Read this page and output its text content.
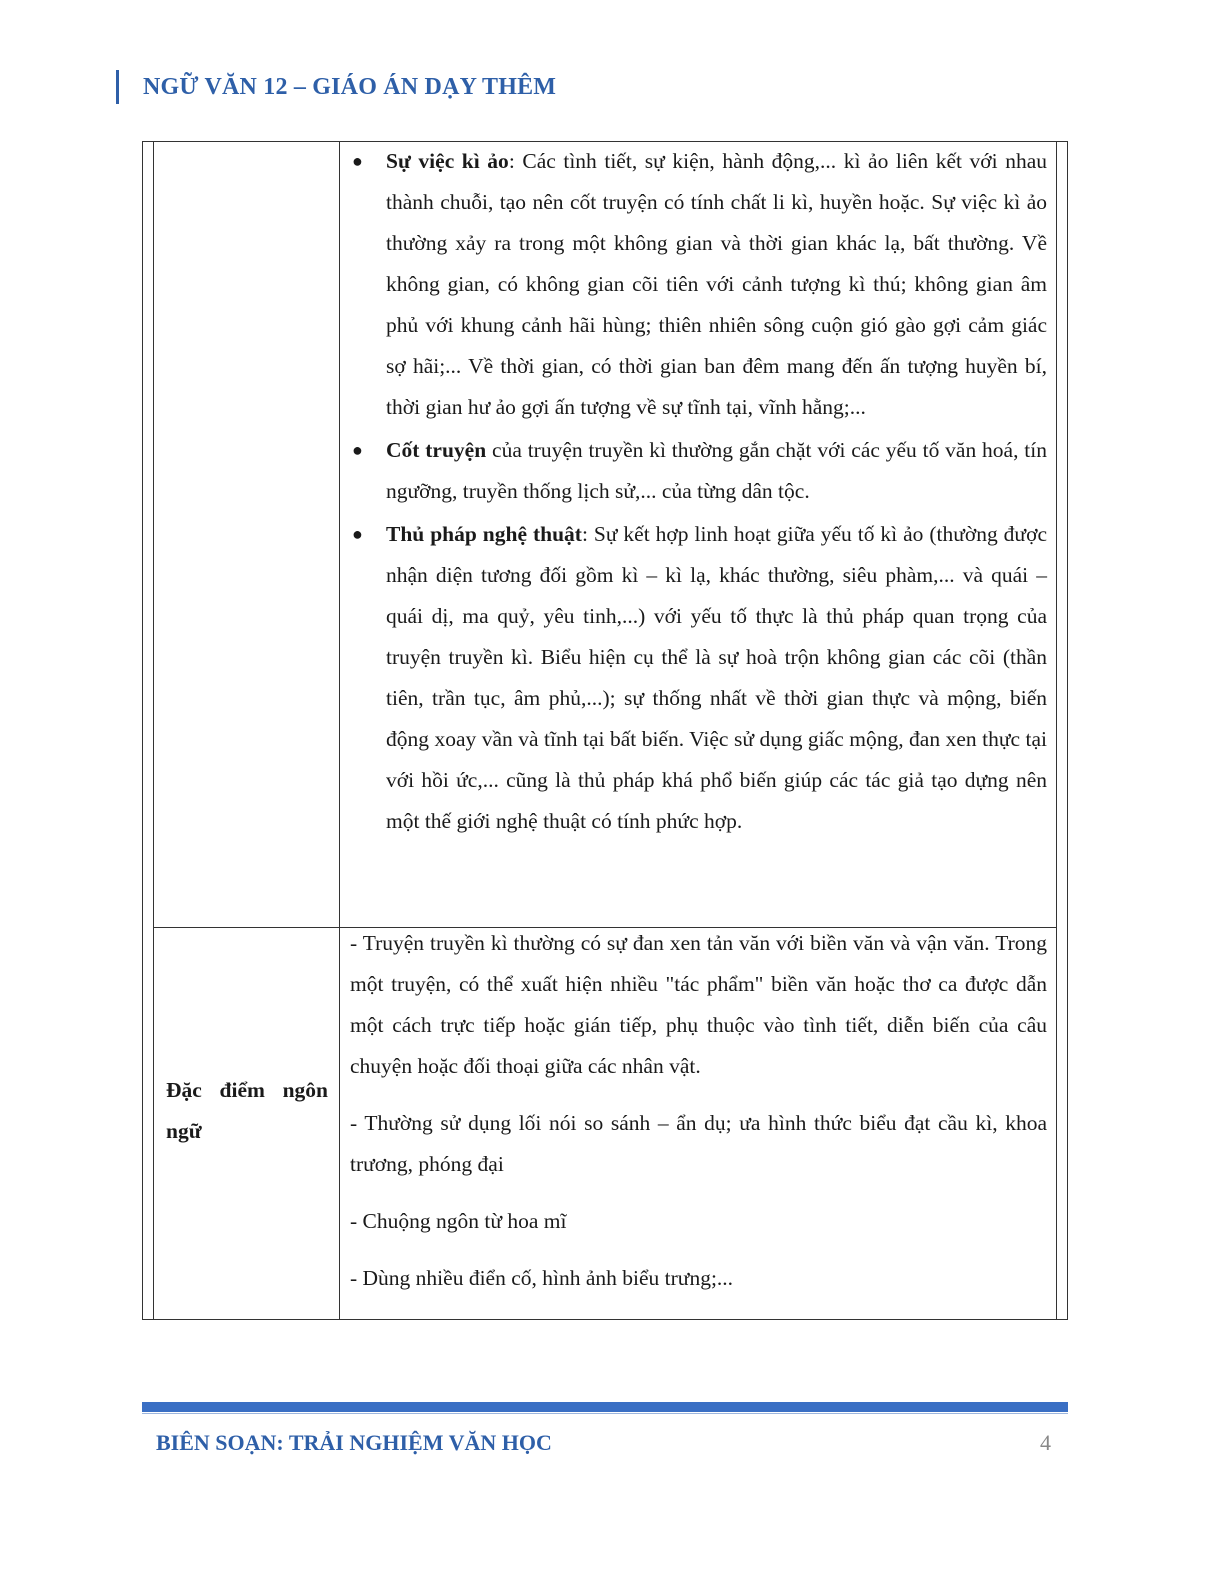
NGỮ VĂN 12 – GIÁO ÁN DẠY THÊM
● Sự việc kì ảo: Các tình tiết, sự kiện, hành động,... kì ảo liên kết với nhau thành chuỗi, tạo nên cốt truyện có tính chất li kì, huyền hoặc. Sự việc kì ảo thường xảy ra trong một không gian và thời gian khác lạ, bất thường. Về không gian, có không gian cõi tiên với cảnh tượng kì thú; không gian âm phủ với khung cảnh hãi hùng; thiên nhiên sông cuộn gió gào gợi cảm giác sợ hãi;... Về thời gian, có thời gian ban đêm mang đến ấn tượng huyền bí, thời gian hư ảo gợi ấn tượng về sự tĩnh tại, vĩnh hằng;...
● Cốt truyện của truyện truyền kì thường gắn chặt với các yếu tố văn hoá, tín ngưỡng, truyền thống lịch sử,... của từng dân tộc.
● Thủ pháp nghệ thuật: Sự kết hợp linh hoạt giữa yếu tố kì ảo (thường được nhận diện tương đối gồm kì – kì lạ, khác thường, siêu phàm,... và quái – quái dị, ma quỷ, yêu tinh,...) với yếu tố thực là thủ pháp quan trọng của truyện truyền kì. Biểu hiện cụ thể là sự hoà trộn không gian các cõi (thần tiên, trần tục, âm phủ,...); sự thống nhất về thời gian thực và mộng, biến động xoay vần và tĩnh tại bất biến. Việc sử dụng giấc mộng, đan xen thực tại với hồi ức,... cũng là thủ pháp khá phổ biến giúp các tác giả tạo dựng nên một thế giới nghệ thuật có tính phức hợp.
Đặc điểm ngôn ngữ

- Truyện truyền kì thường có sự đan xen tản văn với biền văn và vận văn. Trong một truyện, có thể xuất hiện nhiều "tác phẩm" biền văn hoặc thơ ca được dẫn một cách trực tiếp hoặc gián tiếp, phụ thuộc vào tình tiết, diễn biến của câu chuyện hoặc đối thoại giữa các nhân vật.

- Thường sử dụng lối nói so sánh – ẩn dụ; ưa hình thức biểu đạt cầu kì, khoa trương, phóng đại

- Chuộng ngôn từ hoa mĩ

- Dùng nhiều điển cố, hình ảnh biểu trưng;...

BIÊN SOẠN: TRẢI NGHIỆM VĂN HỌC	4
